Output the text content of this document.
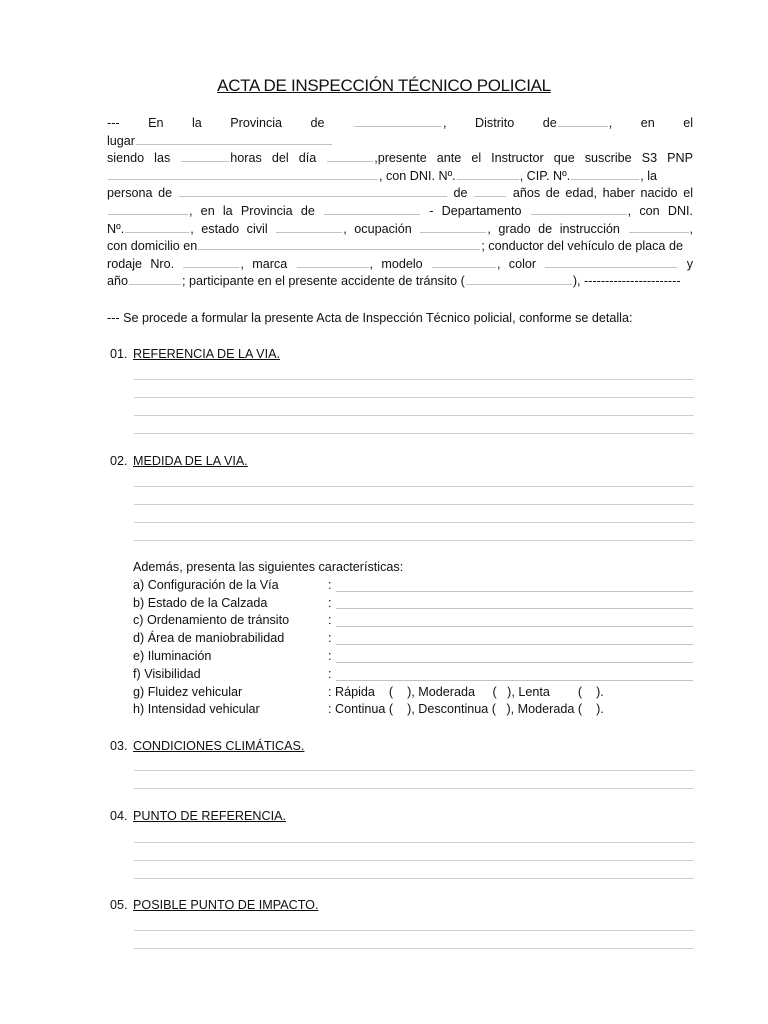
ACTA DE INSPECCIÓN TÉCNICO POLICIAL
--- En la Provincia de	, Distrito de	, en el
lugar
siendo las	horas del día	,presente ante el Instructor que suscribe S3 PNP
, con DNI. Nº.	, CIP. Nº.	, la
persona de	de	años de edad, haber nacido el
, en la Provincia de	- Departamento	, con DNI.
Nº.	, estado civil	, ocupación	, grado de instrucción	,
con domicilio en	; conductor del vehículo de placa de
rodaje Nro.	, marca	, modelo	, color	y
año	; participante en el presente accidente de tránsito (	), -----------------------
--- Se procede a formular la presente Acta de Inspección Técnico policial, conforme se detalla:
01. REFERENCIA DE LA VIA.
02. MEDIDA DE LA VIA.
Además, presenta las siguientes características:
a) Configuración de la Vía	:
b) Estado de la Calzada	:
c) Ordenamiento de tránsito	:
d) Área de maniobrabilidad	:
e) Iluminación	:
f) Visibilidad	:
g) Fluidez vehicular	: Rápida    (    ), Moderada     (   ), Lenta        (    ).
h) Intensidad vehicular	: Continua (    ), Descontinua (   ), Moderada (    ).
03. CONDICIONES CLIMÁTICAS.
04. PUNTO DE REFERENCIA.
05. POSIBLE PUNTO DE IMPACTO.
